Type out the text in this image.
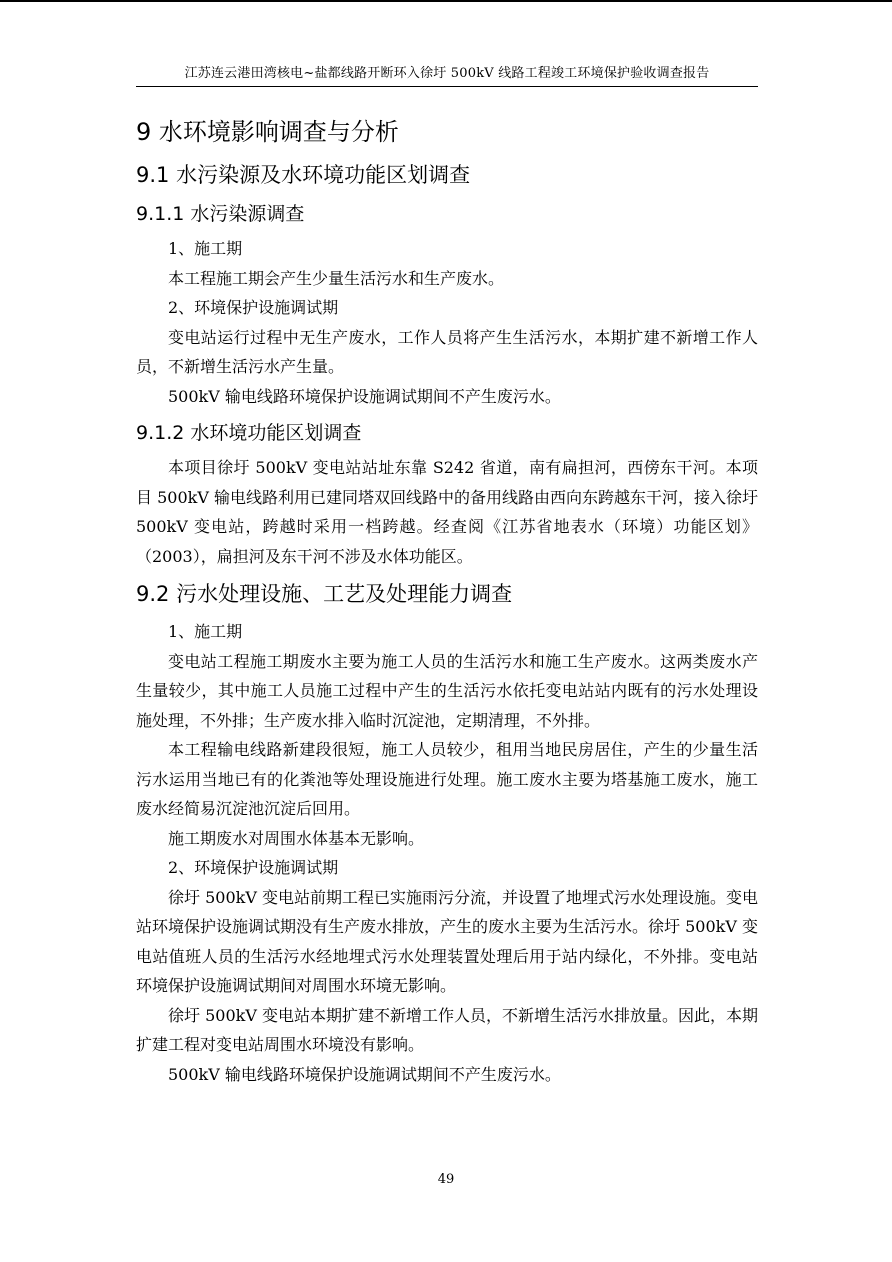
江苏连云港田湾核电~盐都线路开断环入徐圩 500kV 线路工程竣工环境保护验收调查报告
9 水环境影响调查与分析
9.1 水污染源及水环境功能区划调查
9.1.1 水污染源调查

1、施工期

本工程施工期会产生少量生活污水和生产废水。

2、环境保护设施调试期

变电站运行过程中无生产废水，工作人员将产生生活污水，本期扩建不新增工作人员，不新增生活污水产生量。

500kV 输电线路环境保护设施调试期间不产生废污水。

9.1.2 水环境功能区划调查

本项目徐圩 500kV 变电站站址东靠 S242 省道，南有扁担河，西傍东干河。本项目 500kV 输电线路利用已建同塔双回线路中的备用线路由西向东跨越东干河，接入徐圩 500kV 变电站，跨越时采用一档跨越。经查阅《江苏省地表水（环境）功能区划》（2003），扁担河及东干河不涉及水体功能区。

9.2 污水处理设施、工艺及处理能力调查

1、施工期

变电站工程施工期废水主要为施工人员的生活污水和施工生产废水。这两类废水产生量较少，其中施工人员施工过程中产生的生活污水依托变电站站内既有的污水处理设施处理，不外排；生产废水排入临时沉淀池，定期清理，不外排。

本工程输电线路新建段很短，施工人员较少，租用当地民房居住，产生的少量生活污水运用当地已有的化粪池等处理设施进行处理。施工废水主要为塔基施工废水，施工废水经简易沉淀池沉淀后回用。

施工期废水对周围水体基本无影响。

2、环境保护设施调试期

徐圩 500kV 变电站前期工程已实施雨污分流，并设置了地埋式污水处理设施。变电站环境保护设施调试期没有生产废水排放，产生的废水主要为生活污水。徐圩 500kV 变电站值班人员的生活污水经地埋式污水处理装置处理后用于站内绿化，不外排。变电站环境保护设施调试期间对周围水环境无影响。

徐圩 500kV 变电站本期扩建不新增工作人员，不新增生活污水排放量。因此，本期扩建工程对变电站周围水环境没有影响。

500kV 输电线路环境保护设施调试期间不产生废污水。

49
